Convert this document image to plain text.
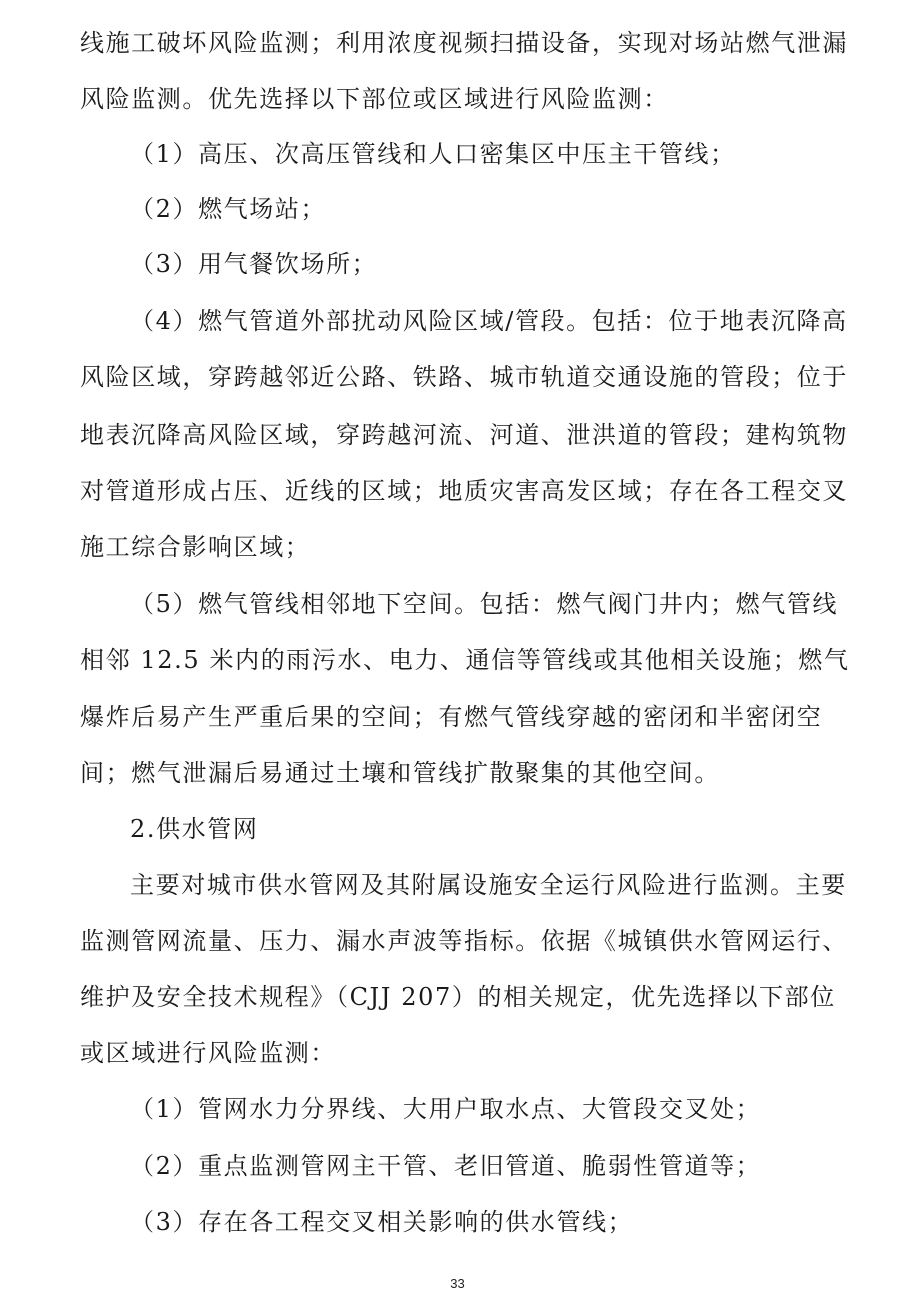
线施工破坏风险监测；利用浓度视频扫描设备，实现对场站燃气泄漏
风险监测。优先选择以下部位或区域进行风险监测：
（1）高压、次高压管线和人口密集区中压主干管线；
（2）燃气场站；
（3）用气餐饮场所；
（4）燃气管道外部扰动风险区域/管段。包括：位于地表沉降高
风险区域，穿跨越邻近公路、铁路、城市轨道交通设施的管段；位于
地表沉降高风险区域，穿跨越河流、河道、泄洪道的管段；建构筑物
对管道形成占压、近线的区域；地质灾害高发区域；存在各工程交叉
施工综合影响区域；
（5）燃气管线相邻地下空间。包括：燃气阀门井内；燃气管线
相邻 12.5 米内的雨污水、电力、通信等管线或其他相关设施；燃气
爆炸后易产生严重后果的空间；有燃气管线穿越的密闭和半密闭空
间；燃气泄漏后易通过土壤和管线扩散聚集的其他空间。
2.供水管网
主要对城市供水管网及其附属设施安全运行风险进行监测。主要
监测管网流量、压力、漏水声波等指标。依据《城镇供水管网运行、
维护及安全技术规程》（CJJ 207）的相关规定，优先选择以下部位
或区域进行风险监测：
（1）管网水力分界线、大用户取水点、大管段交叉处；
（2）重点监测管网主干管、老旧管道、脆弱性管道等；
（3）存在各工程交叉相关影响的供水管线；
33
